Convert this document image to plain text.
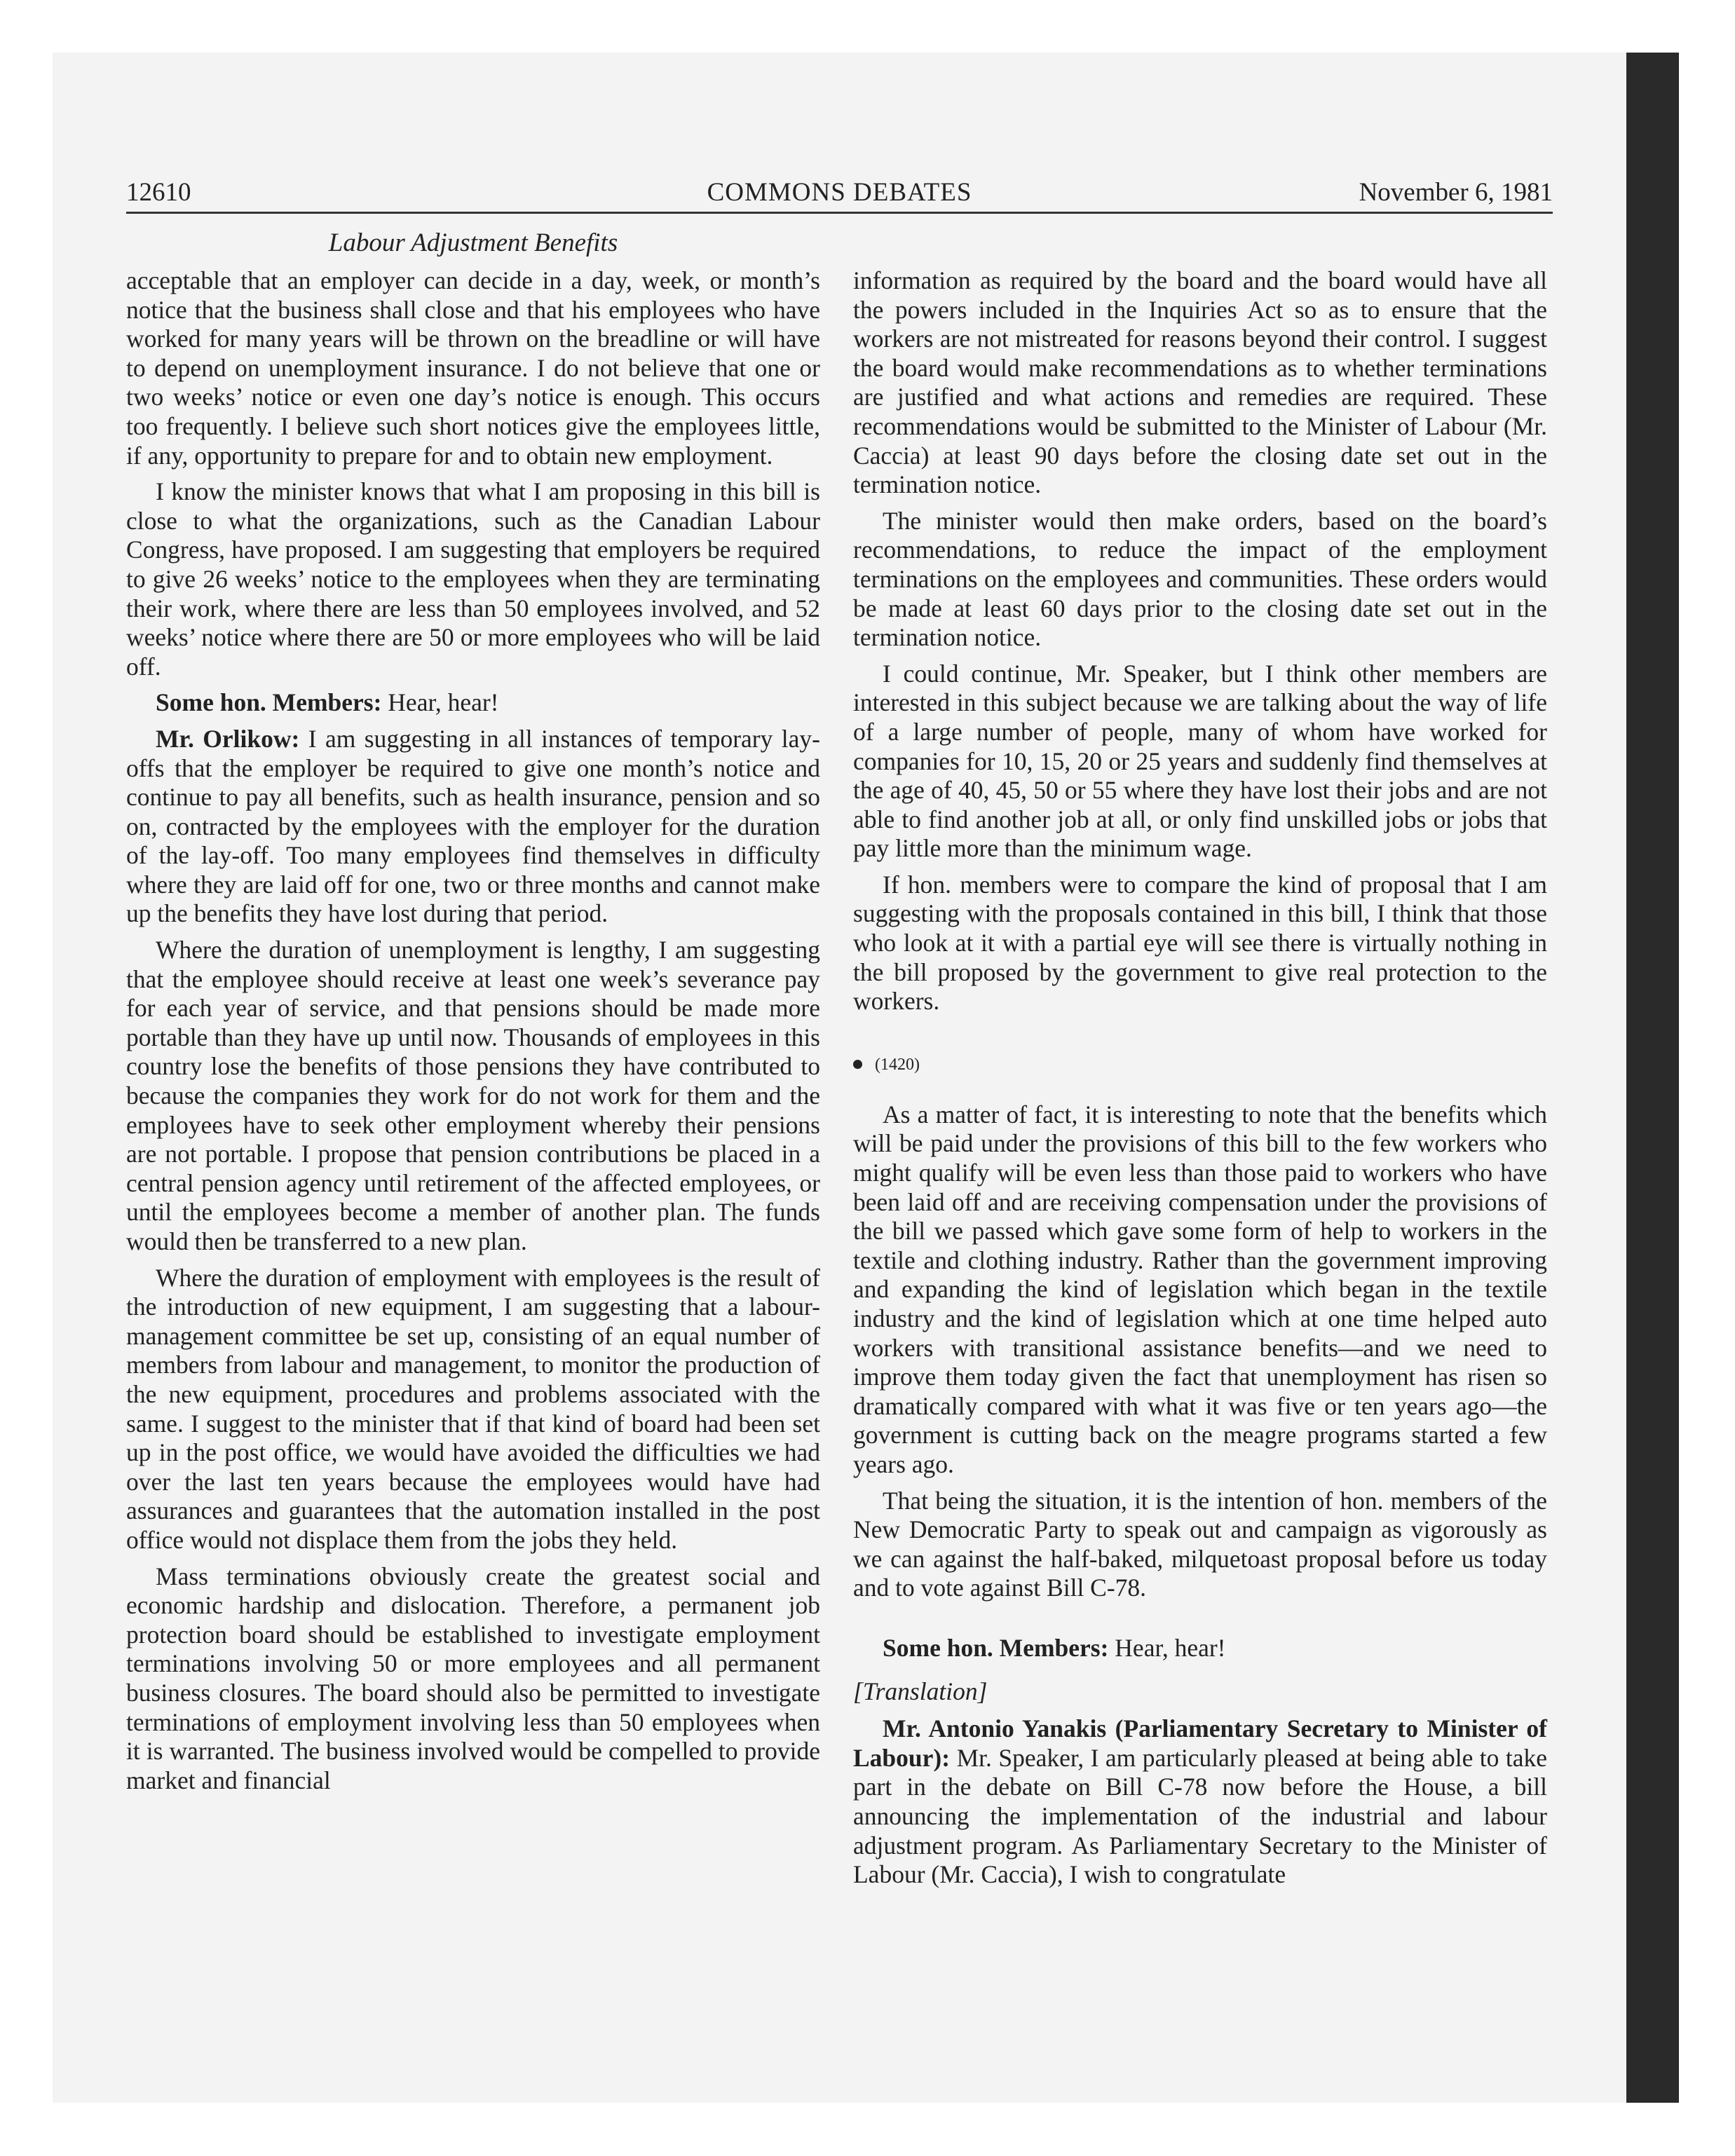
12610	COMMONS DEBATES	November 6, 1981
Labour Adjustment Benefits

acceptable that an employer can decide in a day, week, or month’s notice that the business shall close and that his employees who have worked for many years will be thrown on the breadline or will have to depend on unemployment insurance. I do not believe that one or two weeks’ notice or even one day’s notice is enough. This occurs too frequently. I believe such short notices give the employees little, if any, opportunity to prepare for and to obtain new employment.

I know the minister knows that what I am proposing in this bill is close to what the organizations, such as the Canadian Labour Congress, have proposed. I am suggesting that employers be required to give 26 weeks’ notice to the employees when they are terminating their work, where there are less than 50 employees involved, and 52 weeks’ notice where there are 50 or more employees who will be laid off.

Some hon. Members: Hear, hear!

Mr. Orlikow: I am suggesting in all instances of temporary lay-offs that the employer be required to give one month’s notice and continue to pay all benefits, such as health insurance, pension and so on, contracted by the employees with the employer for the duration of the lay-off. Too many employees find themselves in difficulty where they are laid off for one, two or three months and cannot make up the benefits they have lost during that period.

Where the duration of unemployment is lengthy, I am suggesting that the employee should receive at least one week’s severance pay for each year of service, and that pensions should be made more portable than they have up until now. Thousands of employees in this country lose the benefits of those pensions they have contributed to because the companies they work for do not work for them and the employees have to seek other employment whereby their pensions are not portable. I propose that pension contributions be placed in a central pension agency until retirement of the affected employees, or until the employees become a member of another plan. The funds would then be transferred to a new plan.

Where the duration of employment with employees is the result of the introduction of new equipment, I am suggesting that a labour-management committee be set up, consisting of an equal number of members from labour and management, to monitor the production of the new equipment, procedures and problems associated with the same. I suggest to the minister that if that kind of board had been set up in the post office, we would have avoided the difficulties we had over the last ten years because the employees would have had assurances and guarantees that the automation installed in the post office would not displace them from the jobs they held.

Mass terminations obviously create the greatest social and economic hardship and dislocation. Therefore, a permanent job protection board should be established to investigate employment terminations involving 50 or more employees and all permanent business closures. The board should also be permitted to investigate terminations of employment involving less than 50 employees when it is warranted. The business involved would be compelled to provide market and financial

information as required by the board and the board would have all the powers included in the Inquiries Act so as to ensure that the workers are not mistreated for reasons beyond their control. I suggest the board would make recommendations as to whether terminations are justified and what actions and remedies are required. These recommendations would be submitted to the Minister of Labour (Mr. Caccia) at least 90 days before the closing date set out in the termination notice.

The minister would then make orders, based on the board’s recommendations, to reduce the impact of the employment terminations on the employees and communities. These orders would be made at least 60 days prior to the closing date set out in the termination notice.

I could continue, Mr. Speaker, but I think other members are interested in this subject because we are talking about the way of life of a large number of people, many of whom have worked for companies for 10, 15, 20 or 25 years and suddenly find themselves at the age of 40, 45, 50 or 55 where they have lost their jobs and are not able to find another job at all, or only find unskilled jobs or jobs that pay little more than the minimum wage.

If hon. members were to compare the kind of proposal that I am suggesting with the proposals contained in this bill, I think that those who look at it with a partial eye will see there is virtually nothing in the bill proposed by the government to give real protection to the workers.

(1420)

As a matter of fact, it is interesting to note that the benefits which will be paid under the provisions of this bill to the few workers who might qualify will be even less than those paid to workers who have been laid off and are receiving compensation under the provisions of the bill we passed which gave some form of help to workers in the textile and clothing industry. Rather than the government improving and expanding the kind of legislation which began in the textile industry and the kind of legislation which at one time helped auto workers with transitional assistance benefits—and we need to improve them today given the fact that unemployment has risen so dramatically compared with what it was five or ten years ago—the government is cutting back on the meagre programs started a few years ago.

That being the situation, it is the intention of hon. members of the New Democratic Party to speak out and campaign as vigorously as we can against the half-baked, milquetoast proposal before us today and to vote against Bill C-78.

Some hon. Members: Hear, hear!

[Translation]

Mr. Antonio Yanakis (Parliamentary Secretary to Minister of Labour): Mr. Speaker, I am particularly pleased at being able to take part in the debate on Bill C-78 now before the House, a bill announcing the implementation of the industrial and labour adjustment program. As Parliamentary Secretary to the Minister of Labour (Mr. Caccia), I wish to congratulate
